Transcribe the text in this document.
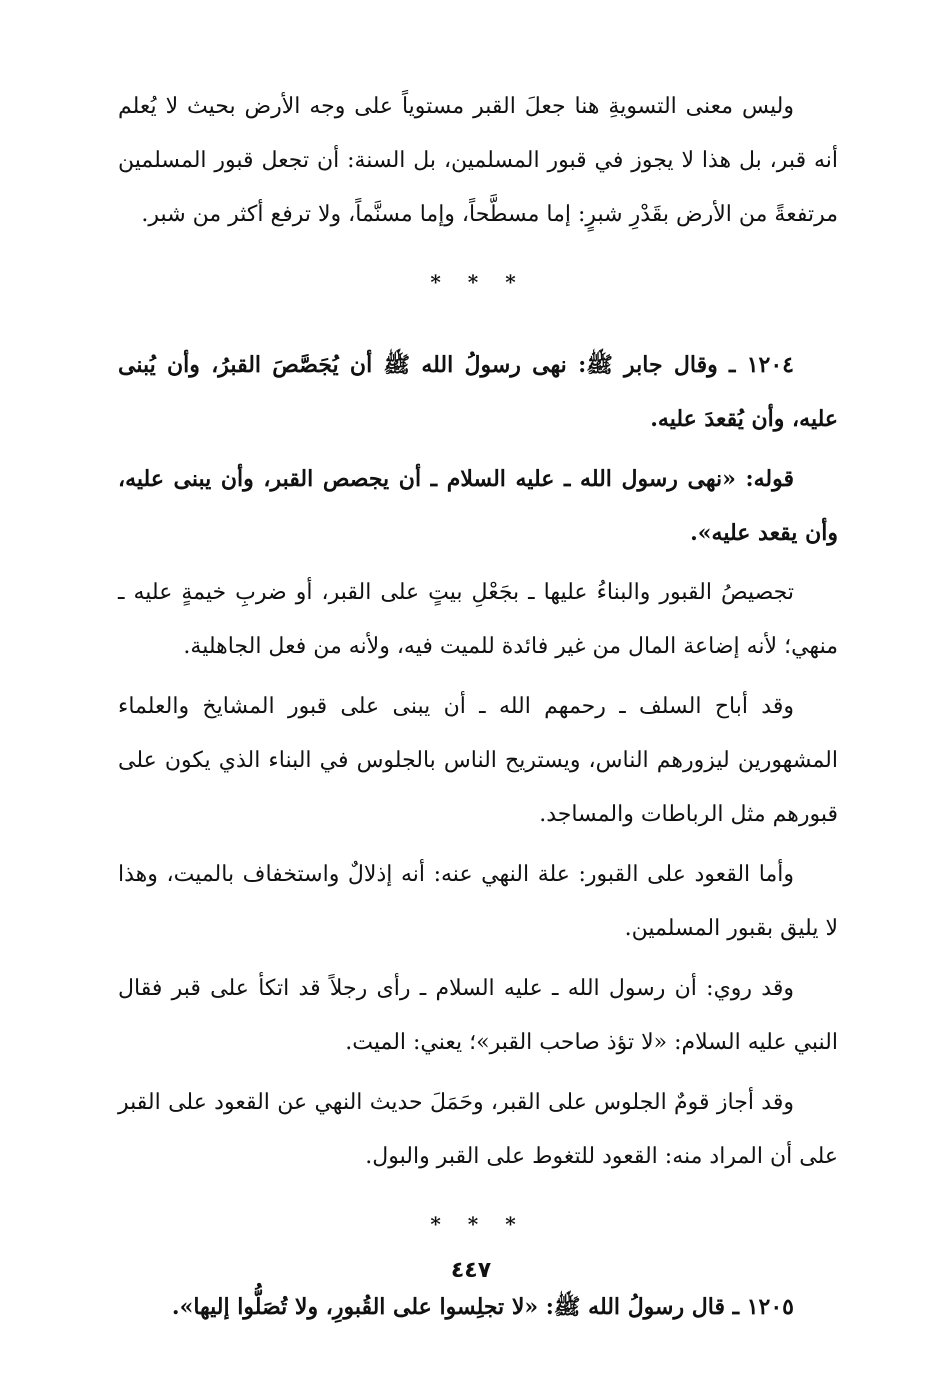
وليس معنى التسويةِ هنا جعلَ القبر مستوياً على وجه الأرض بحيث لا يُعلم أنه قبر، بل هذا لا يجوز في قبور المسلمين، بل السنة: أن تجعل قبور المسلمين مرتفعةً من الأرض بقَدْرِ شبرٍ: إما مسطَّحاً، وإما مسنَّماً، ولا ترفع أكثر من شبر.

* * *

١٢٠٤ ـ وقال جابر ﷺ: نهى رسولُ الله ﷺ أن يُجَصَّصَ القبرُ، وأن يُبنى عليه، وأن يُقعدَ عليه.

قوله: «نهى رسول الله ـ عليه السلام ـ أن يجصص القبر، وأن يبنى عليه، وأن يقعد عليه».

تجصيصُ القبور والبناءُ عليها ـ بجَعْلِ بيتٍ على القبر، أو ضربِ خيمةٍ عليه ـ منهي؛ لأنه إضاعة المال من غير فائدة للميت فيه، ولأنه من فعل الجاهلية.

وقد أباح السلف ـ رحمهم الله ـ أن يبنى على قبور المشايخ والعلماء المشهورين ليزورهم الناس، ويستريح الناس بالجلوس في البناء الذي يكون على قبورهم مثل الرباطات والمساجد.

وأما القعود على القبور: علة النهي عنه: أنه إذلالٌ واستخفاف بالميت، وهذا لا يليق بقبور المسلمين.

وقد روي: أن رسول الله ـ عليه السلام ـ رأى رجلاً قد اتكأ على قبر فقال النبي عليه السلام: «لا تؤذ صاحب القبر»؛ يعني: الميت.

وقد أجاز قومٌ الجلوس على القبر، وحَمَلَ حديث النهي عن القعود على القبر على أن المراد منه: القعود للتغوط على القبر والبول.

* * *

١٢٠٥ ـ قال رسولُ الله ﷺ: «لا تجلِسوا على القُبورِ، ولا تُصَلُّوا إليها».

٤٤٧
